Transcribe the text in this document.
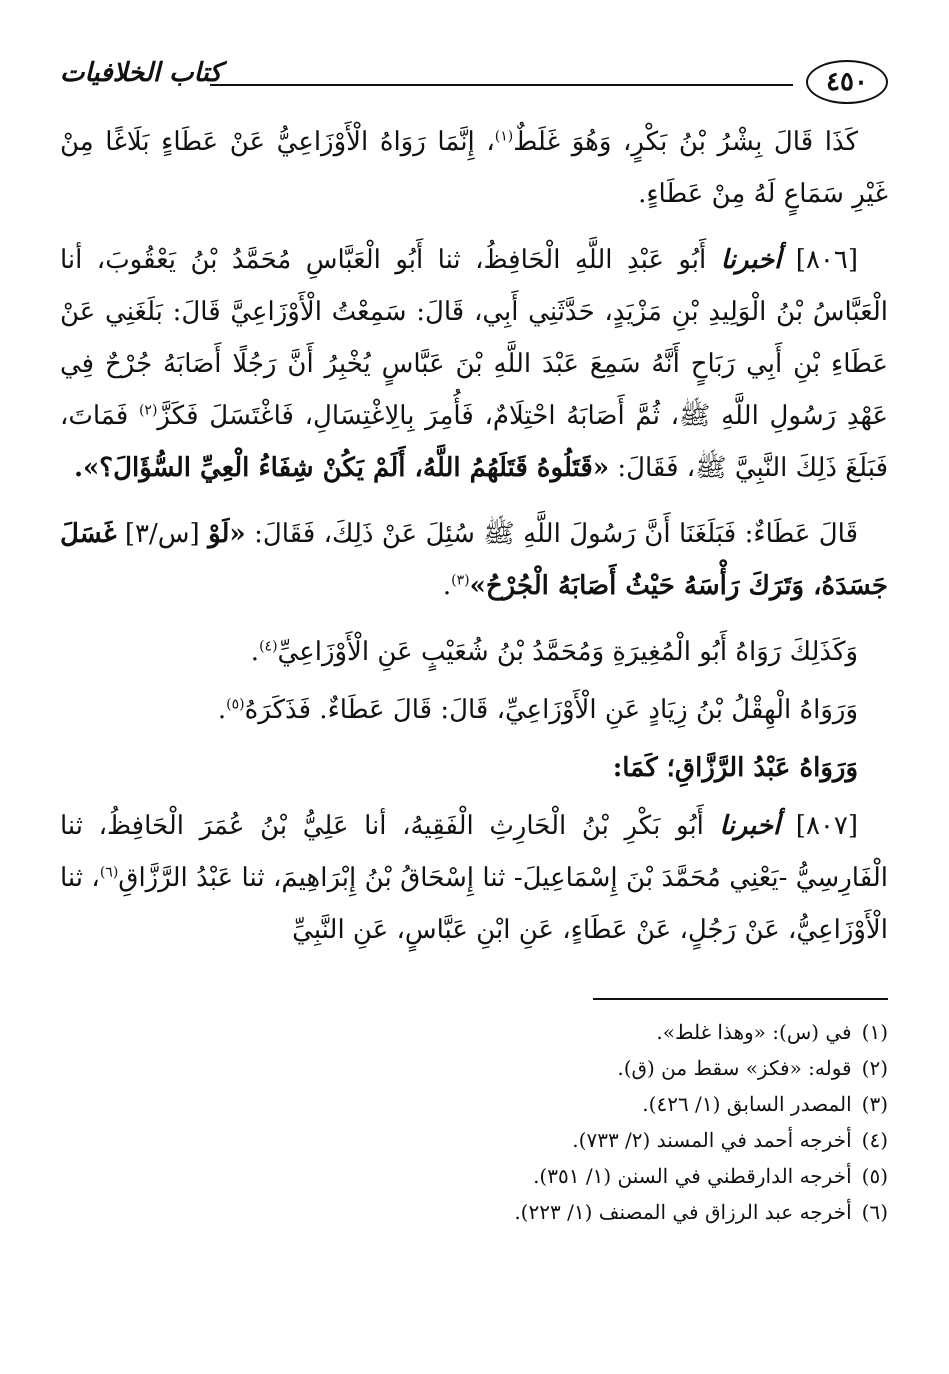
٤٥٠
كتاب الخلافيات

كَذَا قَالَ بِشْرُ بْنُ بَكْرٍ، وَهُوَ غَلَطٌ$^{(١)}$، إِنَّمَا رَوَاهُ الْأَوْزَاعِيُّ عَنْ عَطَاءٍ بَلَاغًا مِنْ غَيْرِ سَمَاعٍ لَهُ مِنْ عَطَاءٍ.

[٨٠٦] أخبرنا أَبُو عَبْدِ اللَّهِ الْحَافِظُ، ثنا أَبُو الْعَبَّاسِ مُحَمَّدُ بْنُ يَعْقُوبَ، أنا الْعَبَّاسُ بْنُ الْوَلِيدِ بْنِ مَزْيَدٍ، حَدَّثَنِي أَبِي، قَالَ: سَمِعْتُ الْأَوْزَاعِيَّ قَالَ: بَلَغَنِي عَنْ عَطَاءِ بْنِ أَبِي رَبَاحٍ أَنَّهُ سَمِعَ عَبْدَ اللَّهِ بْنَ عَبَّاسٍ يُخْبِرُ أَنَّ رَجُلًا أَصَابَهُ جُرْحٌ فِي عَهْدِ رَسُولِ اللَّهِ ﷺ، ثُمَّ أَصَابَهُ احْتِلَامٌ، فَأُمِرَ بِالِاغْتِسَالِ، فَاغْتَسَلَ فَكَزَّ$^{(٢)}$ فَمَاتَ، فَبَلَغَ ذَلِكَ النَّبِيَّ ﷺ، فَقَالَ: «قَتَلُوهُ قَتَلَهُمُ اللَّهُ، أَلَمْ يَكُنْ شِفَاءُ الْعِيِّ السُّؤَالَ؟».

قَالَ عَطَاءٌ: فَبَلَغَنَا أَنَّ رَسُولَ اللَّهِ ﷺ سُئِلَ عَنْ ذَلِكَ، فَقَالَ: «لَوْ [س/٣] غَسَلَ جَسَدَهُ، وَتَرَكَ رَأْسَهُ حَيْثُ أَصَابَهُ الْجُرْحُ»$^{(٣)}$.

وَكَذَلِكَ رَوَاهُ أَبُو الْمُغِيرَةِ وَمُحَمَّدُ بْنُ شُعَيْبٍ عَنِ الْأَوْزَاعِيِّ$^{(٤)}$.

وَرَوَاهُ الْهِقْلُ بْنُ زِيَادٍ عَنِ الْأَوْزَاعِيِّ، قَالَ: قَالَ عَطَاءٌ. فَذَكَرَهُ$^{(٥)}$.

وَرَوَاهُ عَبْدُ الرَّزَّاقِ؛ كَمَا:

[٨٠٧] أخبرنا أَبُو بَكْرِ بْنُ الْحَارِثِ الْفَقِيهُ، أنا عَلِيُّ بْنُ عُمَرَ الْحَافِظُ، ثنا الْفَارِسِيُّ -يَعْنِي مُحَمَّدَ بْنَ إِسْمَاعِيلَ- ثنا إِسْحَاقُ بْنُ إِبْرَاهِيمَ، ثنا عَبْدُ الرَّزَّاقِ$^{(٦)}$، ثنا الْأَوْزَاعِيُّ، عَنْ رَجُلٍ، عَنْ عَطَاءٍ، عَنِ ابْنِ عَبَّاسٍ، عَنِ النَّبِيِّ

(١)
في (س): «وهذا غلط».
(٢)
قوله: «فكز» سقط من (ق).
(٣)
المصدر السابق (١/ ٤٢٦).
(٤)
أخرجه أحمد في المسند (٢/ ٧٣٣).
(٥)
أخرجه الدارقطني في السنن (١/ ٣٥١).
(٦)
أخرجه عبد الرزاق في المصنف (١/ ٢٢٣).
